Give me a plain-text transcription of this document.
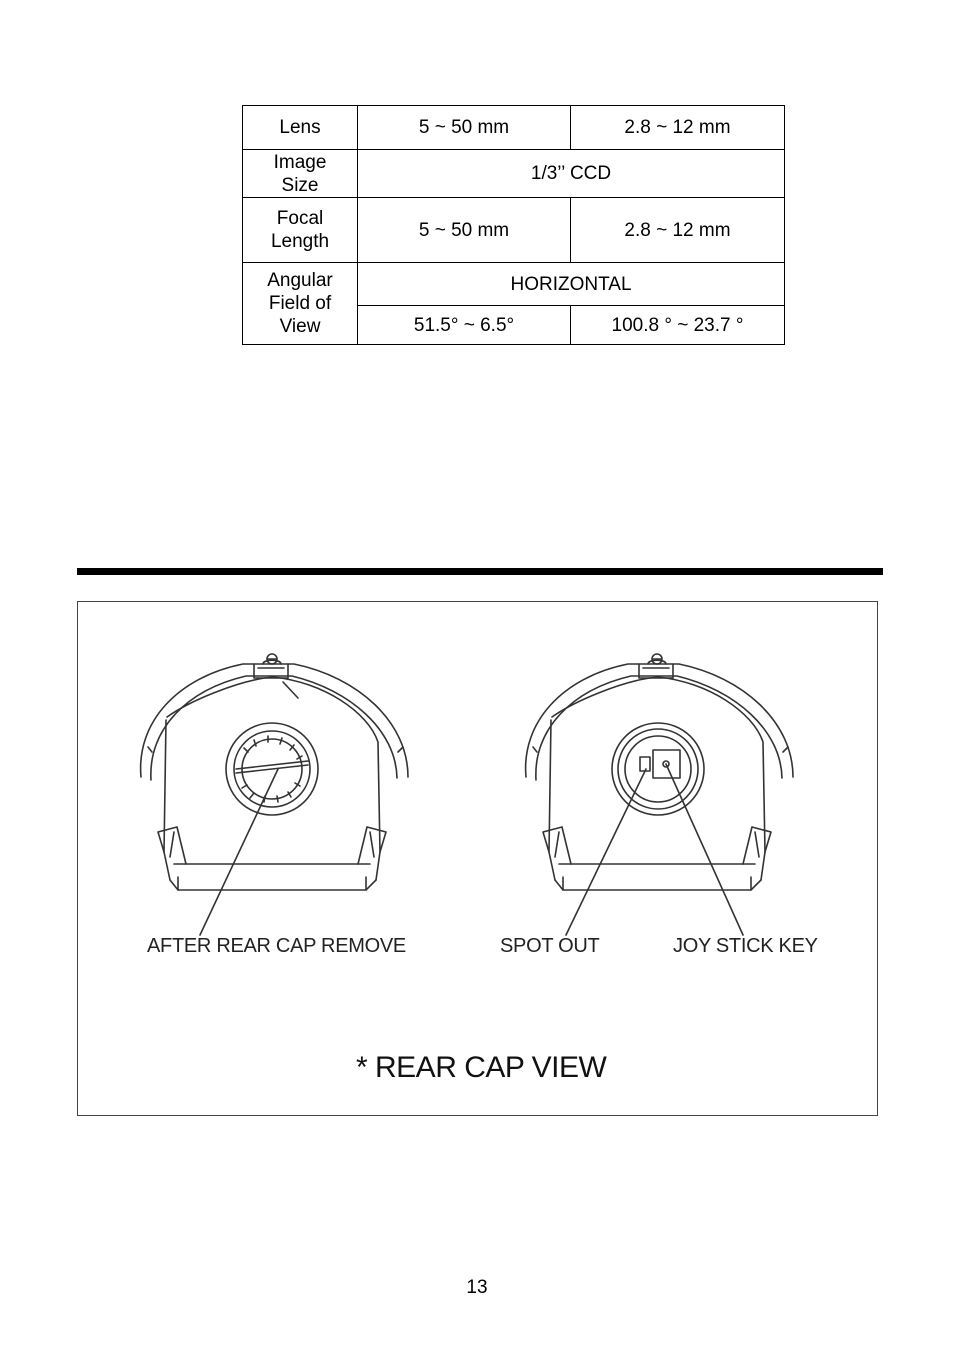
Lens	5 ~ 50 mm	2.8 ~ 12 mm
Image
Size	1/3’’ CCD	
Focal
Length	5 ~ 50 mm	2.8 ~ 12 mm
Angular
Field of
View	HORIZONTAL	
	51.5° ~ 6.5°	100.8 ° ~ 23.7 °
AFTER REAR CAP REMOVE	SPOT OUT	JOY STICK KEY
* REAR CAP VIEW
13
